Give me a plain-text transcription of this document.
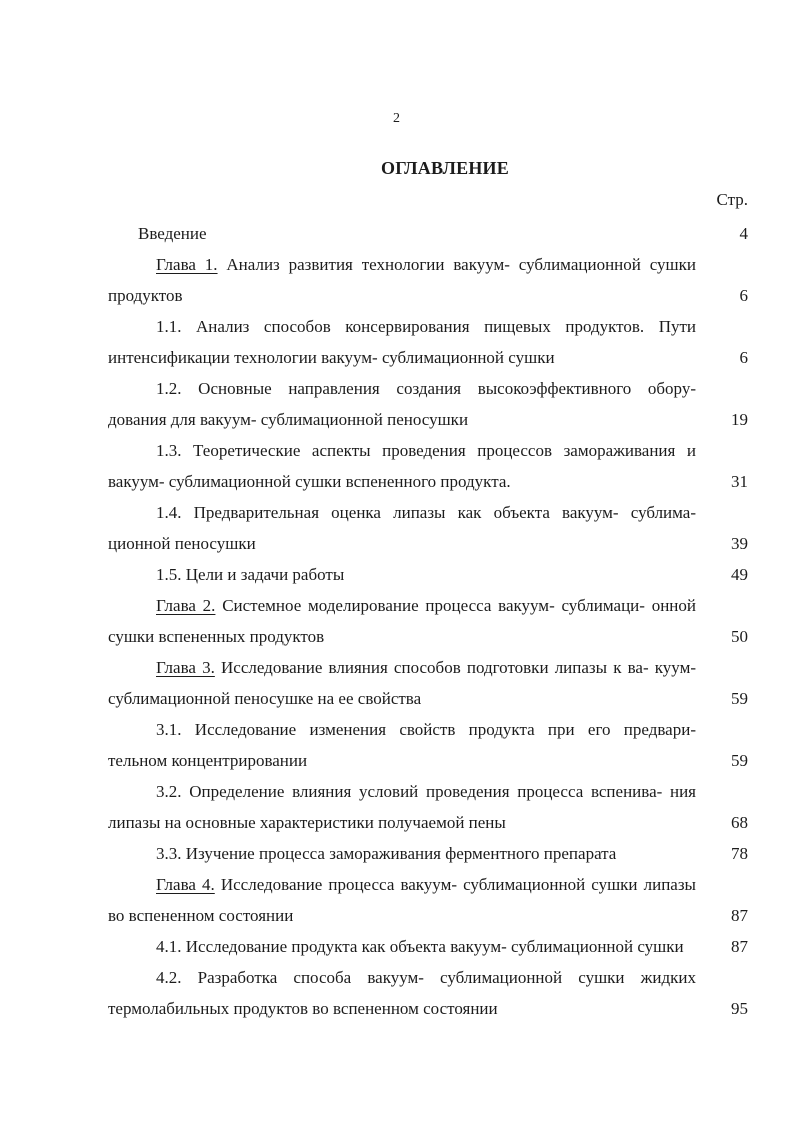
2
ОГЛАВЛЕНИЕ
Стр.
Введение	4
Глава 1. Анализ развития технологии вакуум- сублимационной сушки продуктов	6
1.1. Анализ способов консервирования пищевых продуктов. Пути интенсификации технологии вакуум- сублимационной сушки	6
1.2. Основные направления создания высокоэффективного обору- дования для вакуум- сублимационной пеносушки	19
1.3. Теоретические аспекты проведения процессов замораживания и вакуум- сублимационной сушки вспененного продукта.	31
1.4. Предварительная оценка липазы как объекта вакуум- сублима- ционной пеносушки	39
1.5. Цели и задачи работы	49
Глава 2. Системное моделирование процесса вакуум- сублимаци- онной сушки вспененных продуктов	50
Глава 3. Исследование влияния способов подготовки липазы к ва- куум- сублимационной пеносушке на ее свойства	59
3.1. Исследование изменения свойств продукта при его предвари- тельном концентрировании	59
3.2. Определение влияния условий проведения процесса вспенива- ния липазы на основные характеристики получаемой пены	68
3.3. Изучение процесса замораживания ферментного препарата	78
Глава 4. Исследование процесса вакуум- сублимационной сушки липазы во вспененном состоянии	87
4.1. Исследование продукта как объекта вакуум- сублимационной сушки	87
4.2. Разработка способа вакуум- сублимационной сушки жидких термолабильных продуктов во вспененном состоянии	95
